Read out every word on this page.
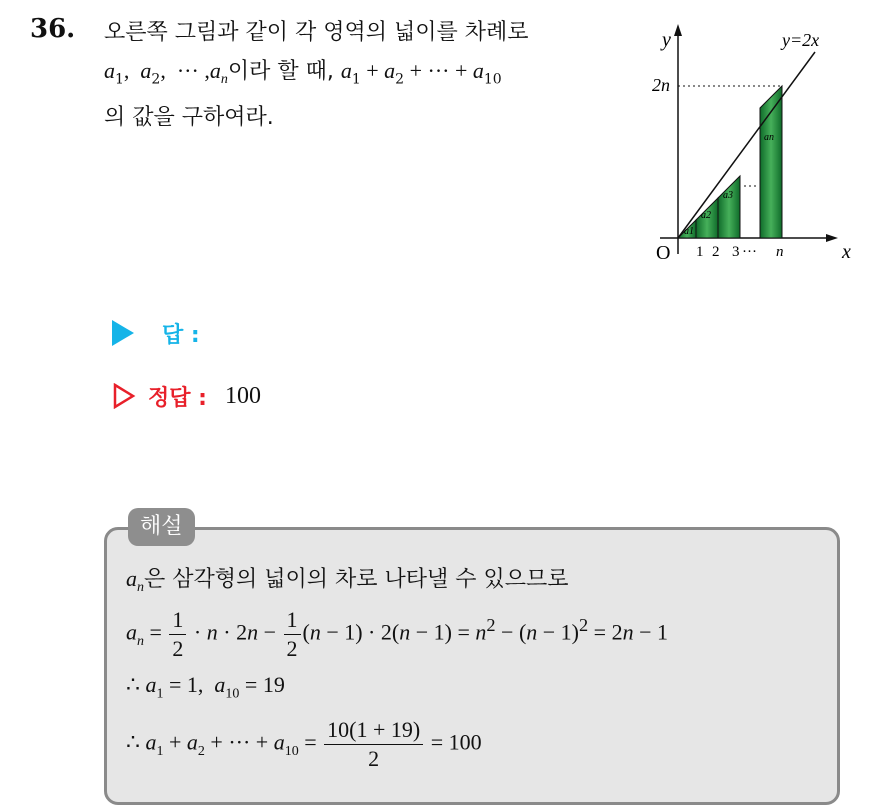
36. 오른쪽 그림과 같이 각 영역의 넓이를 차례로
$a_1$,  $a_2$,  ··· $,a_n$이라 할 때, $a_1 + a_2$ + ··· + $a_{10}$
의 값을 구하여라.
y
x
O
y=2x
2n
1 2 3 ··· n
a1
a2
a3
an
답 :
정답 : 100
해설
$a_n$은 삼각형의 넓이의 차로 나타낼 수 있으므로
$a_n = \frac{1}{2} \cdot n \cdot 2n - \frac{1}{2} (n - 1) \cdot 2(n - 1) = n^2 - (n - 1)^2 = 2n - 1$
∴ $a_1 = 1$,  $a_{10} = 19$
∴ $a_1 + a_2$ + ··· + $a_{10} = \frac{10(1 + 19)}{2} = 100$
